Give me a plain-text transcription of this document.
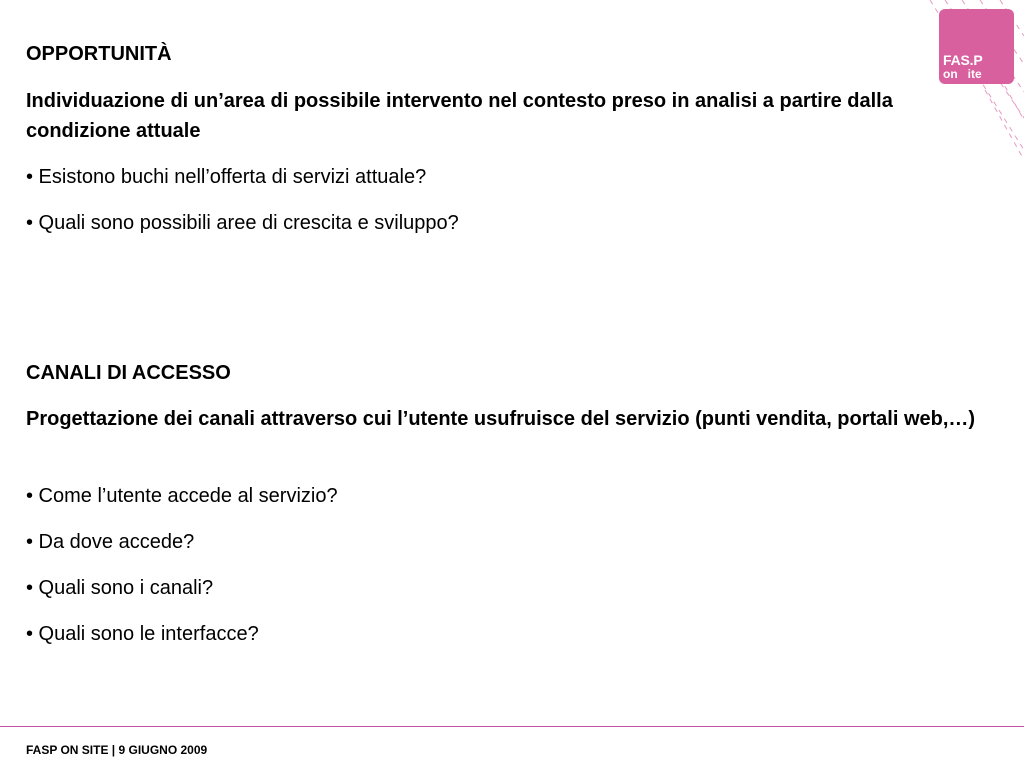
FAS.P
on ite
OPPORTUNITÀ
Individuazione di un’area di possibile intervento nel contesto preso in analisi a partire dalla condizione attuale
• Esistono buchi nell’offerta di servizi attuale?
• Quali sono possibili aree di crescita e sviluppo?
CANALI DI ACCESSO
Progettazione dei canali attraverso cui l’utente usufruisce del servizio (punti vendita, portali web,…)
• Come l’utente accede al servizio?
• Da dove accede?
• Quali sono i canali?
• Quali sono le interfacce?
FASP ON SITE | 9 GIUGNO 2009
